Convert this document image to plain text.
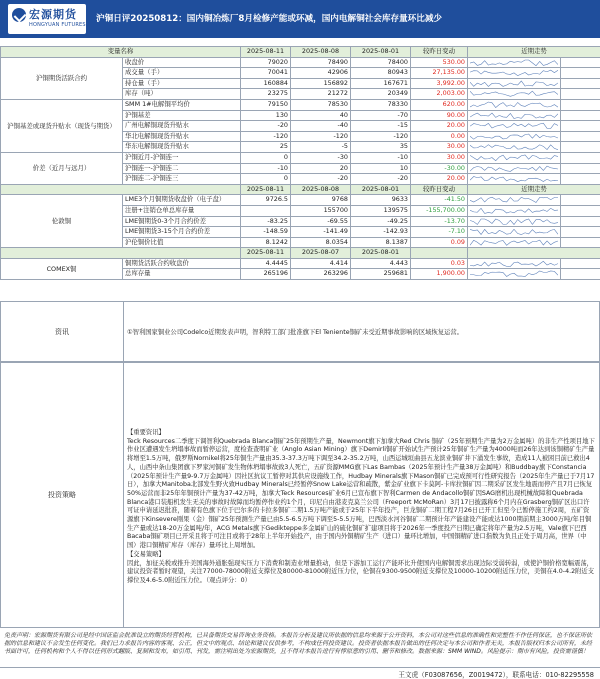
宏源期货
HONGYUAN FUTURES
沪铜日评20250812：国内铜冶炼厂8月检修产能或环减，国内电解铜社会库存量环比减少
变量名称		2025-08-11	2025-08-08	2025-08-01	较昨日变动	近期走势	
沪铜期货活跃合约	收盘价	79020	78490	78400	530.00	

	成交量（手）	70041	42906	80943	27,135.00	

	持仓量（手）	160884	156892	167671	3,992.00	

	库存（吨）	23275	21272	20349	2,003.00	

沪铜基差或现货升贴水（现货与期货）	SMM 1#电解铜平均价	79150	78530	78330	620.00	

	沪铜基差	130	40	-70	90.00	

	广州电解铜现货升贴水	-20	-40	-15	20.00	

	华北电解铜现货升贴水	-120	-120	-120	0.00	

	华东电解铜现货升贴水	25	-5	35	30.00	

价差（近月与远月）	沪铜近月-沪铜连一	0	-30	-10	30.00	

	沪铜连一-沪铜连二	-10	20	10	-30.00	

	沪铜连二-沪铜连三	0	-20	-20	20.00	

		2025-08-11	2025-08-08	2025-08-01	较昨日变动	近期走势	
伦敦铜	LME3个月铜期货收盘价（电子盘）	9726.5	9768	9633	-41.50	

	注册+注销仓单总库存量		155700	139575	-155,700.00	

	LME铜期货0-3个月合约价差	-83.25	-69.55	-49.25	-13.70	

	LME铜期货3-15个月合约价差	-148.59	-141.49	-142.93	-7.10	

	沪伦铜价比值	8.1242	8.0354	8.1387	0.09	

		2025-08-11	2025-08-07	2025-08-01			
COMEX铜	铜期货活跃合约收盘价	4.4445	4.414	4.443	0.03	

	总库存量	265196	263296	259681	1,900.00	

资讯	①智利国家铜业公司Codelco近期发表声明，智利特工部门批准旗下El Teniente铜矿未受近期事故影响的区域恢复运营。
投资策略
【重要资讯】
Teck Resources二季度下调智利Quebrada Blanca铜矿25年预期生产量，Newmont旗下加拿大Red Chris 铜矿（25年预期生产量为2万金属吨）的非生产性项目地下作业区遭遇发生坍塌事故而暂停运营，度检查查明矿业（Anglo Asian Mining）旗下Demirli铜矿开始试生产预计25年铜矿生产量为4000吨而26年达到该铜精矿生产量将增至1.5万吨，俄罗斯Nornikel将25年铜生产量由35.3-37.3万吨下调至34.2-35.2万吨，山西运城垣曲县五龙滨业铜矿井下涌发生事故，造成11人被困目前已救出4人，山西中条山集团旗下罗家河铜矿发生物体坍塌事故致3人死亡，五矿资源MMG旗下Las Bambas（2025年预计生产量38万金属吨）和Buddbay旗下Constancia（2025年预计生产量9-9.7万金属吨）因社区抗议工暂停对其供应设施线工作，Hudbay Minerals旗下Mason铜矿已完成预可行性研究报告（2025年生产量已于7月17日），加拿大Manitoba北部发生野火致Hudbay Minerals已经暂停Snow Lake运营和疏散，紫金矿业旗下卡莫阿-卡库拉铜矿因二期采矿区发生地震而停产且7月已恢复50%运营而非25年年铜预计产量为37-42万吨，加拿大Teck Resources矿业6月已宣布旗下智利Carmen de Andacollo铜矿因SAG磨机出现机械故障和Quebrada Blanca港口装船机发生无关的事故时故障而均暂停作业约1个月，印尼自由港麦克莫兰公司（Freeport McMoRan）3月17日披露称6个月内在Grasberg铜矿区出口许可证申请延迟批准，随着有色旗下位于巴尔多的卡拉多铜矿二期1.5万吨产能或于25年下半年投产，巨龙铜矿二期工程7月26日已开工但至今已暂停施工约2周，五矿资源旗下Kinsevere刚果（金）铜矿25年预测生产量已由5.5-6.5万吨下调至5-5.5万吨，巴西淡水河谷铜矿二期预计年产能建设产能或达1000期前期主3000万吨/年目铜生产量或达18-20万金属吨/年，ACG Metals旗下Gedikteppe多金属矿山的硫化铜矿扩建项目将于2026年一季度投产日期已确定将年产量为2.5万吨，Vale旗下巴西Bacaba铜矿项目已开采且将于可注目或将于28年上半年开始投产，由于国内外铜精矿生产（进口）量环比增加，中国铜精矿进口指数为负且正处于周月高，世界（中国）港口铜精矿库存（库存）量环比上周增加。
【交易策略】
因此，加征关税或推升美国海外通胀强现实压力下消费和制造业增量推动，但是下游加工运行产能环比升使国内电解铜需求出现边际受弱转弱，或使沪铜价格宽幅震荡，建议投资者暂时观望，关注77000-78000附近支撑位及80000-81000附近压力位，伦铜在9300-9500附近支撑位及10000-10200附近压力位，美铜在4.0-4.2附近支撑位及4.6-5.0附近压力位。（观点评分：0）
免责声明：宏源期货有限公司是经中国证监会批准设立的期货经营机构，已具备期货交易咨询业务资格。本报告分析及建议所依据的信息均来源于公开资料，本公司对这些信息的准确性和完整性不作任何保证，也不保证所依据的信息和建议不会发生任何变化。我们已力求报告内容的客观、公正，但文中的观点、结论和建议仅供参考，不构成任何投资建议。投资者依据本报告做出的任何决定与本公司和作者无关，本报告版权归本公司所有，未经书面许可，任何机构和个人不得以任何形式翻版、复制和发布，如引用、刊发，需注明出处为宏源期货，且不得对本报告进行有悖原意的引用、删节和修改。数据来源：SMM WIND。风险提示：期市有风险，投资需谨慎！
王文虎（F03087656，Z0019472），联系电话：010-82295558
